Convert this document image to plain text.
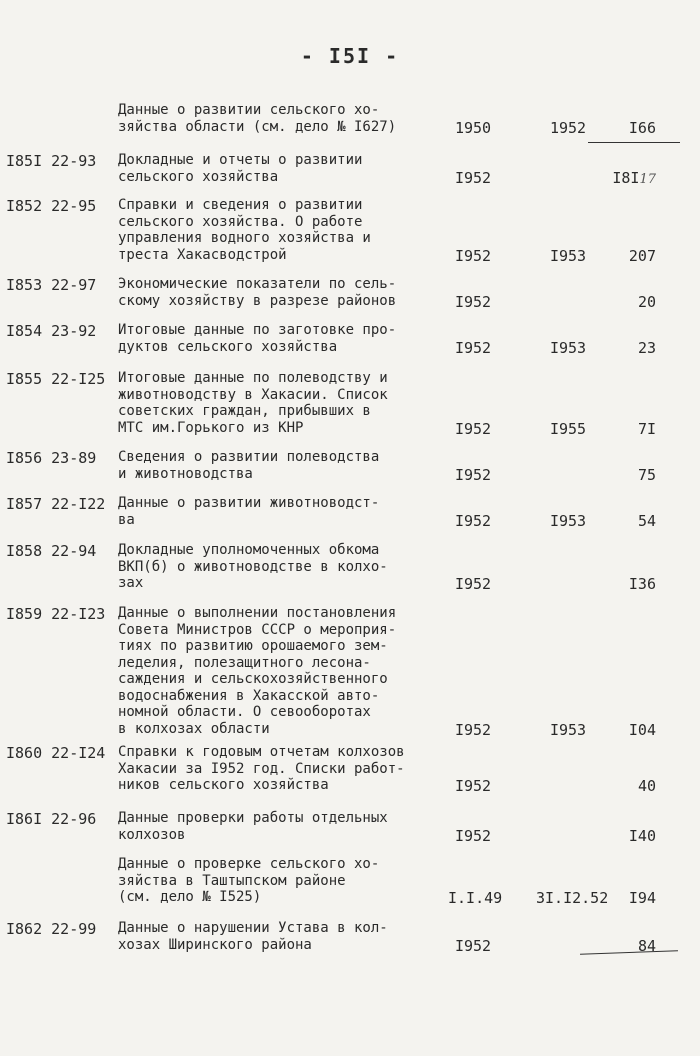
- I5I -
Данные о развитии сельского хо-
зяйства области (см. дело № I627)	1950	1952	I66
I85I 22-93 Докладные и отчеты о развитии
сельского хозяйства	I952	I8I17
I852 22-95 Справки и сведения о развитии
сельского хозяйства. О работе
управления водного хозяйства и
треста Хакасводстрой	I952	I953	207
I853 22-97 Экономические показатели по сель-
скому хозяйству в разрезе районов	I952	20
I854 23-92 Итоговые данные по заготовке про-
дуктов сельского хозяйства	I952	I953	23
I855 22-I25 Итоговые данные по полеводству и
животноводству в Хакасии. Список
советских граждан, прибывших в
МТС им.Горького из КНР	I952	I955	7I
I856 23-89 Сведения о развитии полеводства
и животноводства	I952	75
I857 22-I22 Данные о развитии животноводст-
ва	I952	I953	54
I858 22-94 Докладные уполномоченных обкома
ВКП(б) о животноводстве в колхо-
зах	I952	I36
I859 22-I23 Данные о выполнении постановления
Совета Министров СССР о мероприя-
тиях по развитию орошаемого зем-
леделия, полезащитного лесона-
саждения и сельскохозяйственного
водоснабжения в Хакасской авто-
номной области. О севооборотах
в колхозах области	I952	I953	I04
I860 22-I24 Справки к годовым отчетам колхозов
Хакасии за I952 год. Списки работ-
ников сельского хозяйства	I952	40
I86I 22-96 Данные проверки работы отдельных
колхозов	I952	I40
Данные о проверке сельского хо-
зяйства в Таштыпском районе
(см. дело № I525)	I.I.49 3I.I2.52	I94
I862 22-99 Данные о нарушении Устава в кол-
хозах Ширинского района	I952	84
